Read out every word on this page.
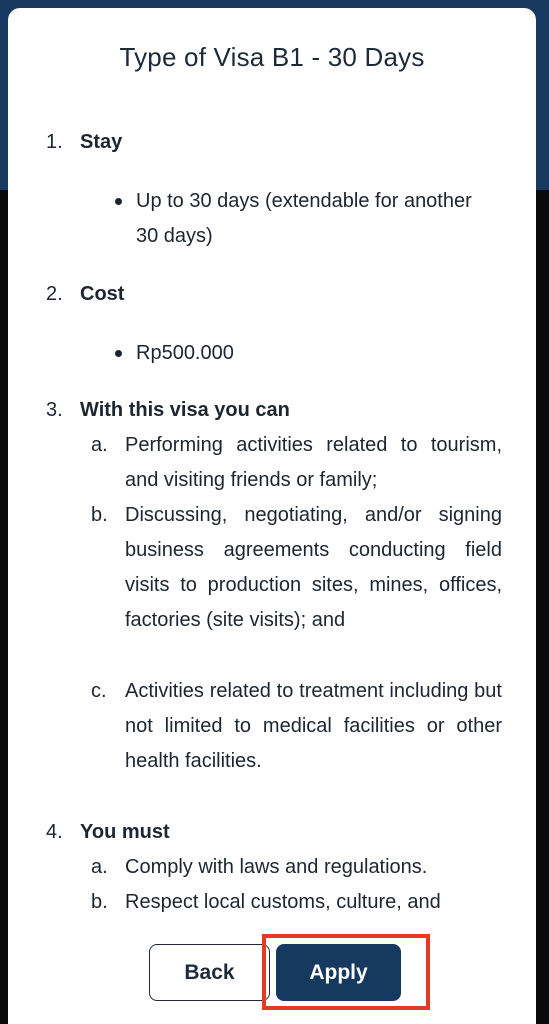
Type of Visa B1 - 30 Days
1. Stay
Up to 30 days (extendable for another 30 days)
2. Cost
Rp500.000
3. With this visa you can
a. Performing activities related to tourism, and visiting friends or family;
b. Discussing, negotiating, and/or signing business agreements conducting field visits to production sites, mines, offices, factories (site visits); and
c. Activities related to treatment including but not limited to medical facilities or other health facilities.
4. You must
a. Comply with laws and regulations.
b. Respect local customs, culture, and
Back	Apply
